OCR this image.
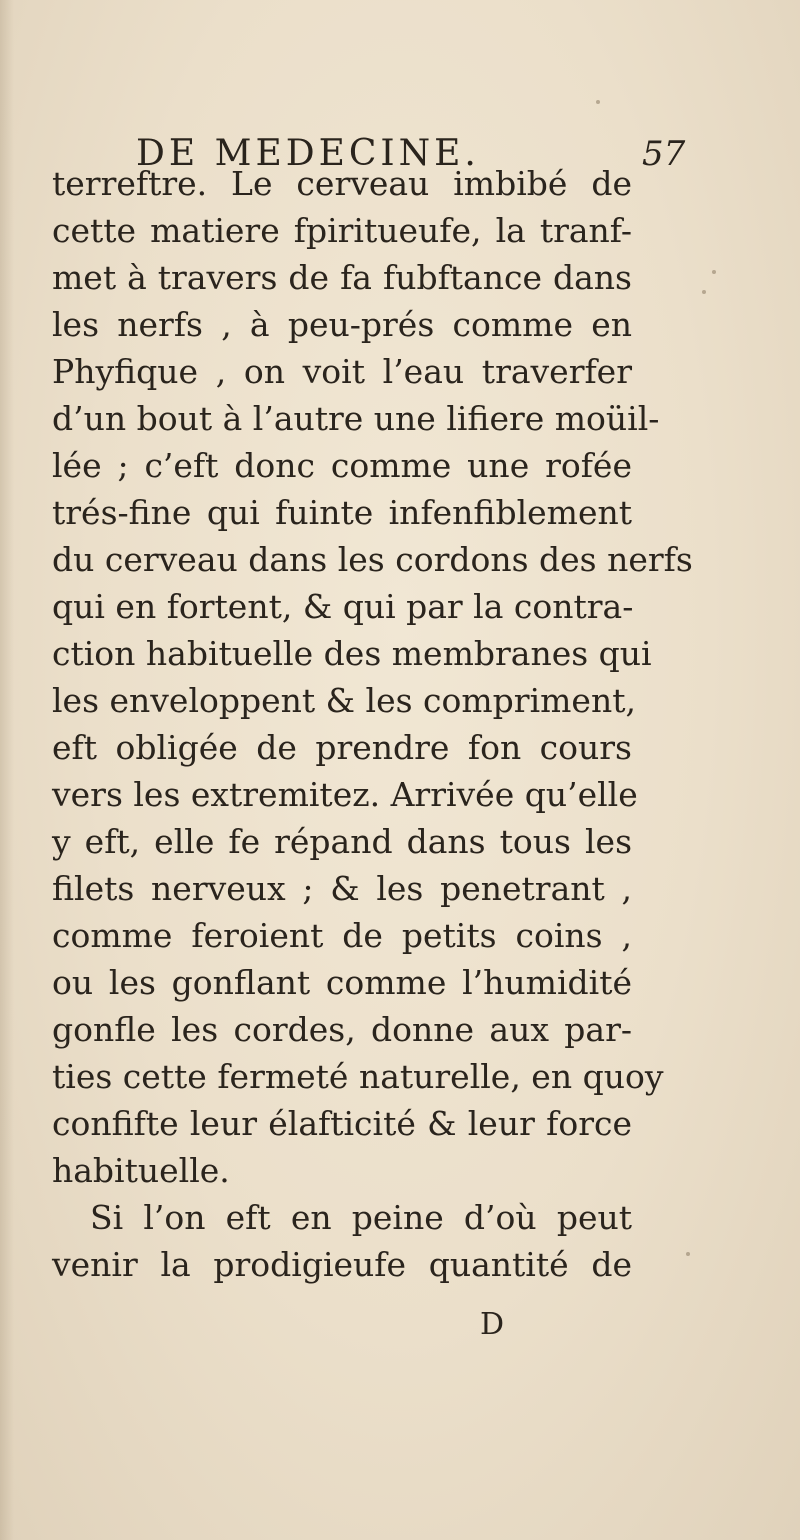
DE MEDECINE.	57
terreftre. Le cerveau imbibé de
cette matiere fpiritueufe, la tranf-
met à travers de fa fubftance dans
les nerfs , à peu-prés comme en
Phyfique , on voit l’eau traverfer
d’un bout à l’autre une lifiere moüil-
lée ; c’eft donc comme une rofée
trés-fine qui fuinte infenfiblement
du cerveau dans les cordons des nerfs
qui en fortent, & qui par la contra-
ction habituelle des membranes qui
les enveloppent & les compriment,
eft obligée de prendre fon cours
vers les extremitez. Arrivée qu’elle
y eft, elle fe répand dans tous les
filets nerveux ; & les penetrant ,
comme feroient de petits coins ,
ou les gonflant comme l’humidité
gonfle les cordes, donne aux par-
ties cette fermeté naturelle, en quoy
confifte leur élafticité & leur force
habituelle.
Si l’on eft en peine d’où peut
venir la prodigieufe quantité de
D
